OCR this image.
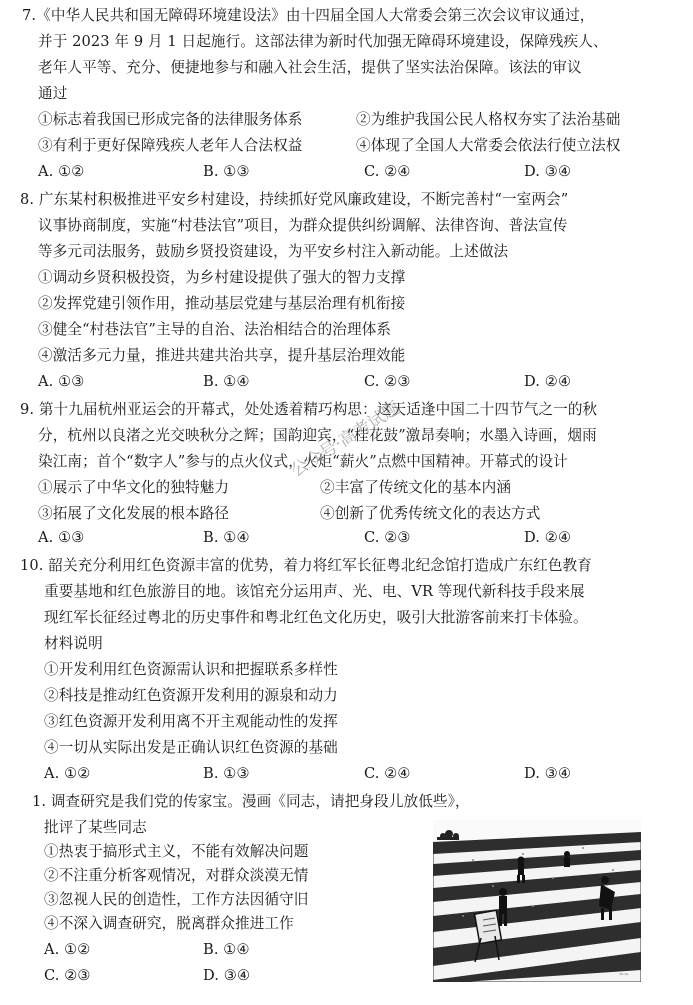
7.《中华人民共和国无障碍环境建设法》由十四届全国人大常委会第三次会议审议通过，
并于 2023 年 9 月 1 日起施行。这部法律为新时代加强无障碍环境建设，保障残疾人、
老年人平等、充分、便捷地参与和融入社会生活，提供了坚实法治保障。该法的审议
通过
①标志着我国已形成完备的法律服务体系	②为维护我国公民人格权夯实了法治基础
③有利于更好保障残疾人老年人合法权益	④体现了全国人大常委会依法行使立法权
A. ①②	B. ①③	C. ②④	D. ③④
8. 广东某村积极推进平安乡村建设，持续抓好党风廉政建设，不断完善村“一室两会”
议事协商制度，实施“村巷法官”项目，为群众提供纠纷调解、法律咨询、普法宣传
等多元司法服务，鼓励乡贤投资建设，为平安乡村注入新动能。上述做法
①调动乡贤积极投资，为乡村建设提供了强大的智力支撑
②发挥党建引领作用，推动基层党建与基层治理有机衔接
③健全“村巷法官”主导的自治、法治相结合的治理体系
④激活多元力量，推进共建共治共享，提升基层治理效能
A. ①③	B. ①④	C. ②③	D. ②④
9. 第十九届杭州亚运会的开幕式，处处透着精巧构思：这天适逢中国二十四节气之一的秋
分，杭州以良渚之光交映秋分之辉；国韵迎宾，“桂花鼓”激昂奏响；水墨入诗画，烟雨
染江南；首个“数字人”参与的点火仪式，火炬“薪火”点燃中国精神。开幕式的设计
①展示了中华文化的独特魅力	②丰富了传统文化的基本内涵
③拓展了文化发展的根本路径	④创新了优秀传统文化的表达方式
A. ①③	B. ①④	C. ②③	D. ②④
10. 韶关充分利用红色资源丰富的优势，着力将红军长征粤北纪念馆打造成广东红色教育
重要基地和红色旅游目的地。该馆充分运用声、光、电、VR 等现代新科技手段来展
现红军长征经过粤北的历史事件和粤北红色文化历史，吸引大批游客前来打卡体验。
材料说明
①开发利用红色资源需认识和把握联系多样性
②科技是推动红色资源开发利用的源泉和动力
③红色资源开发利用离不开主观能动性的发挥
④一切从实际出发是正确认识红色资源的基础
A. ①②	B. ①③	C. ②④	D. ③④
1. 调查研究是我们党的传家宝。漫画《同志，请把身段儿放低些》，
批评了某些同志
①热衷于搞形式主义，不能有效解决问题
②不注重分析客观情况，对群众淡漠无情
③忽视人民的创造性，工作方法因循守旧
④不深入调查研究，脱离群众推进工作
A. ①②	B. ①④
C. ②③	D. ③④	~~
公众号·高考试题
